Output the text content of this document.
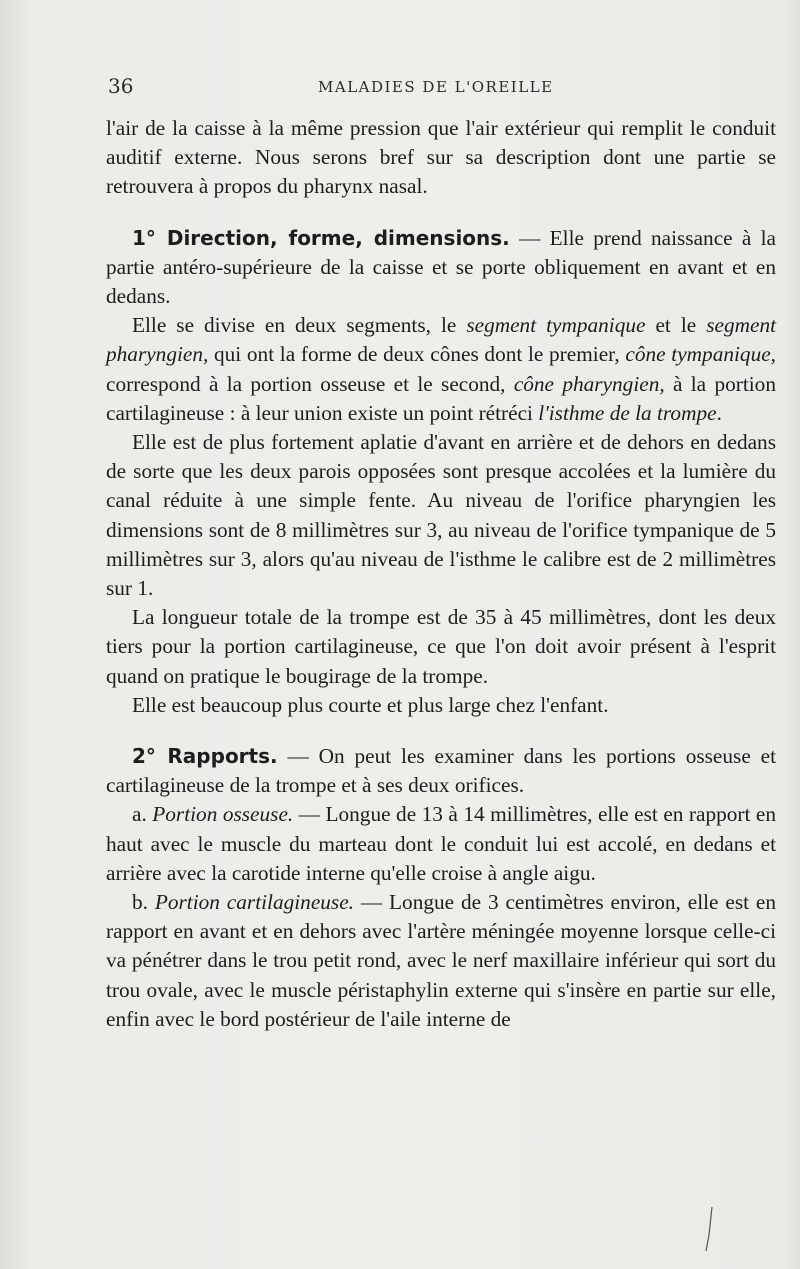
36	MALADIES DE L'OREILLE

l'air de la caisse à la même pression que l'air extérieur qui remplit le conduit auditif externe. Nous serons bref sur sa description dont une partie se retrouvera à propos du pharynx nasal.

1° Direction, forme, dimensions. — Elle prend naissance à la partie antéro-supérieure de la caisse et se porte obliquement en avant et en dedans.

Elle se divise en deux segments, le segment tympanique et le segment pharyngien, qui ont la forme de deux cônes dont le premier, cône tympanique, correspond à la portion osseuse et le second, cône pharyngien, à la portion cartilagineuse : à leur union existe un point rétréci l'isthme de la trompe.

Elle est de plus fortement aplatie d'avant en arrière et de dehors en dedans de sorte que les deux parois opposées sont presque accolées et la lumière du canal réduite à une simple fente. Au niveau de l'orifice pharyngien les dimensions sont de 8 millimètres sur 3, au niveau de l'orifice tympanique de 5 millimètres sur 3, alors qu'au niveau de l'isthme le calibre est de 2 millimètres sur 1.

La longueur totale de la trompe est de 35 à 45 millimètres, dont les deux tiers pour la portion cartilagineuse, ce que l'on doit avoir présent à l'esprit quand on pratique le bougirage de la trompe.

Elle est beaucoup plus courte et plus large chez l'enfant.

2° Rapports. — On peut les examiner dans les portions osseuse et cartilagineuse de la trompe et à ses deux orifices.

a. Portion osseuse. — Longue de 13 à 14 millimètres, elle est en rapport en haut avec le muscle du marteau dont le conduit lui est accolé, en dedans et arrière avec la carotide interne qu'elle croise à angle aigu.

b. Portion cartilagineuse. — Longue de 3 centimètres environ, elle est en rapport en avant et en dehors avec l'artère méningée moyenne lorsque celle-ci va pénétrer dans le trou petit rond, avec le nerf maxillaire inférieur qui sort du trou ovale, avec le muscle péristaphylin externe qui s'insère en partie sur elle, enfin avec le bord postérieur de l'aile interne de
